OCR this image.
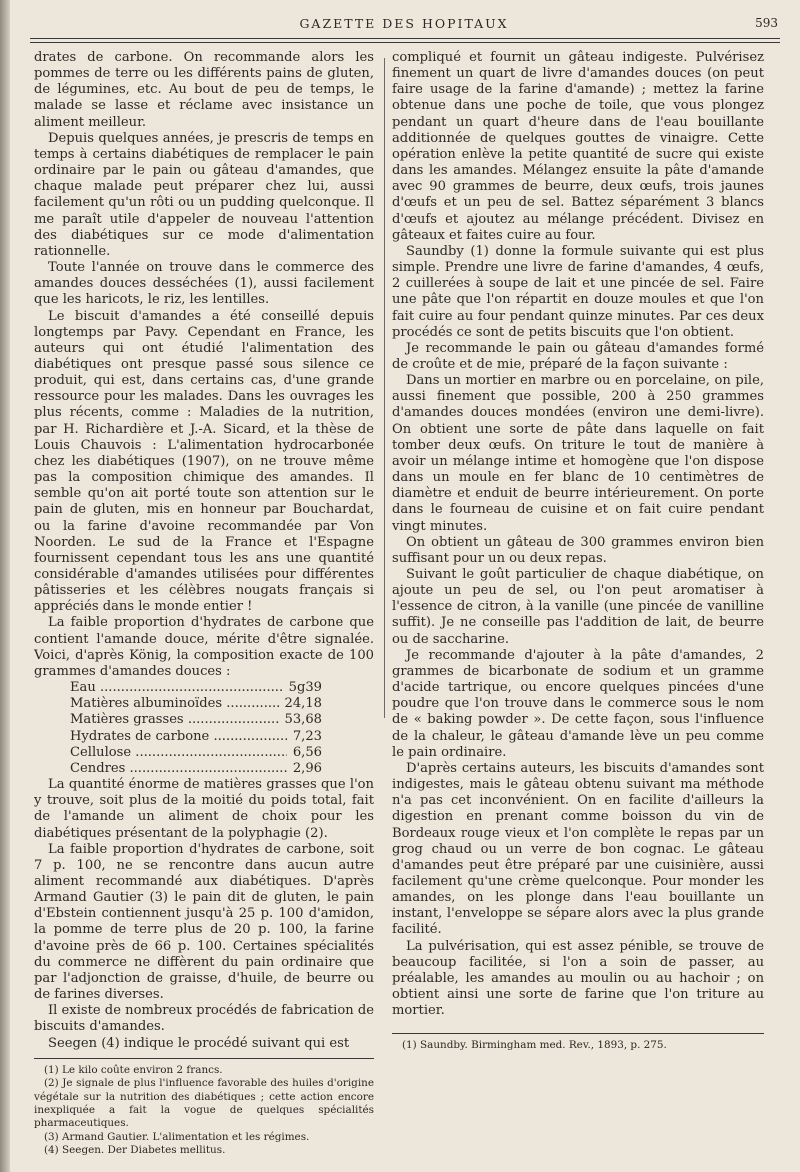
GAZETTE DES HOPITAUX	593

drates de carbone. On recommande alors les pommes de terre ou les différents pains de gluten, de légumines, etc. Au bout de peu de temps, le malade se lasse et réclame avec insistance un aliment meilleur.

Depuis quelques années, je prescris de temps en temps à certains diabétiques de remplacer le pain ordinaire par le pain ou gâteau d'amandes, que chaque malade peut préparer chez lui, aussi facilement qu'un rôti ou un pudding quelconque. Il me paraît utile d'appeler de nouveau l'attention des diabétiques sur ce mode d'alimentation rationnelle.

Toute l'année on trouve dans le commerce des amandes douces desséchées (1), aussi facilement que les haricots, le riz, les lentilles.

Le biscuit d'amandes a été conseillé depuis longtemps par Pavy. Cependant en France, les auteurs qui ont étudié l'alimentation des diabétiques ont presque passé sous silence ce produit, qui est, dans certains cas, d'une grande ressource pour les malades. Dans les ouvrages les plus récents, comme : Maladies de la nutrition, par H. Richardière et J.-A. Sicard, et la thèse de Louis Chauvois : L'alimentation hydrocarbonée chez les diabétiques (1907), on ne trouve même pas la composition chimique des amandes. Il semble qu'on ait porté toute son attention sur le pain de gluten, mis en honneur par Bouchardat, ou la farine d'avoine recommandée par Von Noorden. Le sud de la France et l'Espagne fournissent cependant tous les ans une quantité considérable d'amandes utilisées pour différentes pâtisseries et les célèbres nougats français si appréciés dans le monde entier !

La faible proportion d'hydrates de carbone que contient l'amande douce, mérite d'être signalée. Voici, d'après König, la composition exacte de 100 grammes d'amandes douces :

Eau .....	5g39
Matières albuminoïdes .....	24,18
Matières grasses .....	53,68
Hydrates de carbone .....	7,23
Cellulose .....	6,56
Cendres .....	2,96

La quantité énorme de matières grasses que l'on y trouve, soit plus de la moitié du poids total, fait de l'amande un aliment de choix pour les diabétiques présentant de la polyphagie (2).

La faible proportion d'hydrates de carbone, soit 7 p. 100, ne se rencontre dans aucun autre aliment recommandé aux diabétiques. D'après Armand Gautier (3) le pain dit de gluten, le pain d'Ebstein contiennent jusqu'à 25 p. 100 d'amidon, la pomme de terre plus de 20 p. 100, la farine d'avoine près de 66 p. 100. Certaines spécialités du commerce ne diffèrent du pain ordinaire que par l'adjonction de graisse, d'huile, de beurre ou de farines diverses.

Il existe de nombreux procédés de fabrication de biscuits d'amandes.

Seegen (4) indique le procédé suivant qui est

(1) Le kilo coûte environ 2 francs.

(2) Je signale de plus l'influence favorable des huiles d'origine végétale sur la nutrition des diabétiques ; cette action encore inexpliquée a fait la vogue de quelques spécialités pharmaceutiques.

(3) Armand Gautier. L'alimentation et les régimes.

(4) Seegen. Der Diabetes mellitus.

compliqué et fournit un gâteau indigeste. Pulvérisez finement un quart de livre d'amandes douces (on peut faire usage de la farine d'amande) ; mettez la farine obtenue dans une poche de toile, que vous plongez pendant un quart d'heure dans de l'eau bouillante additionnée de quelques gouttes de vinaigre. Cette opération enlève la petite quantité de sucre qui existe dans les amandes. Mélangez ensuite la pâte d'amande avec 90 grammes de beurre, deux œufs, trois jaunes d'œufs et un peu de sel. Battez séparément 3 blancs d'œufs et ajoutez au mélange précédent. Divisez en gâteaux et faites cuire au four.

Saundby (1) donne la formule suivante qui est plus simple. Prendre une livre de farine d'amandes, 4 œufs, 2 cuillerées à soupe de lait et une pincée de sel. Faire une pâte que l'on répartit en douze moules et que l'on fait cuire au four pendant quinze minutes. Par ces deux procédés ce sont de petits biscuits que l'on obtient.

Je recommande le pain ou gâteau d'amandes formé de croûte et de mie, préparé de la façon suivante :

Dans un mortier en marbre ou en porcelaine, on pile, aussi finement que possible, 200 à 250 grammes d'amandes douces mondées (environ une demi-livre). On obtient une sorte de pâte dans laquelle on fait tomber deux œufs. On triture le tout de manière à avoir un mélange intime et homogène que l'on dispose dans un moule en fer blanc de 10 centimètres de diamètre et enduit de beurre intérieurement. On porte dans le fourneau de cuisine et on fait cuire pendant vingt minutes.

On obtient un gâteau de 300 grammes environ bien suffisant pour un ou deux repas.

Suivant le goût particulier de chaque diabétique, on ajoute un peu de sel, ou l'on peut aromatiser à l'essence de citron, à la vanille (une pincée de vanilline suffit). Je ne conseille pas l'addition de lait, de beurre ou de saccharine.

Je recommande d'ajouter à la pâte d'amandes, 2 grammes de bicarbonate de sodium et un gramme d'acide tartrique, ou encore quelques pincées d'une poudre que l'on trouve dans le commerce sous le nom de « baking powder ». De cette façon, sous l'influence de la chaleur, le gâteau d'amande lève un peu comme le pain ordinaire.

D'après certains auteurs, les biscuits d'amandes sont indigestes, mais le gâteau obtenu suivant ma méthode n'a pas cet inconvénient. On en facilite d'ailleurs la digestion en prenant comme boisson du vin de Bordeaux rouge vieux et l'on complète le repas par un grog chaud ou un verre de bon cognac. Le gâteau d'amandes peut être préparé par une cuisinière, aussi facilement qu'une crème quelconque. Pour monder les amandes, on les plonge dans l'eau bouillante un instant, l'enveloppe se sépare alors avec la plus grande facilité.

La pulvérisation, qui est assez pénible, se trouve de beaucoup facilitée, si l'on a soin de passer, au préalable, les amandes au moulin ou au hachoir ; on obtient ainsi une sorte de farine que l'on triture au mortier.

(1) Saundby. Birmingham med. Rev., 1893, p. 275.
